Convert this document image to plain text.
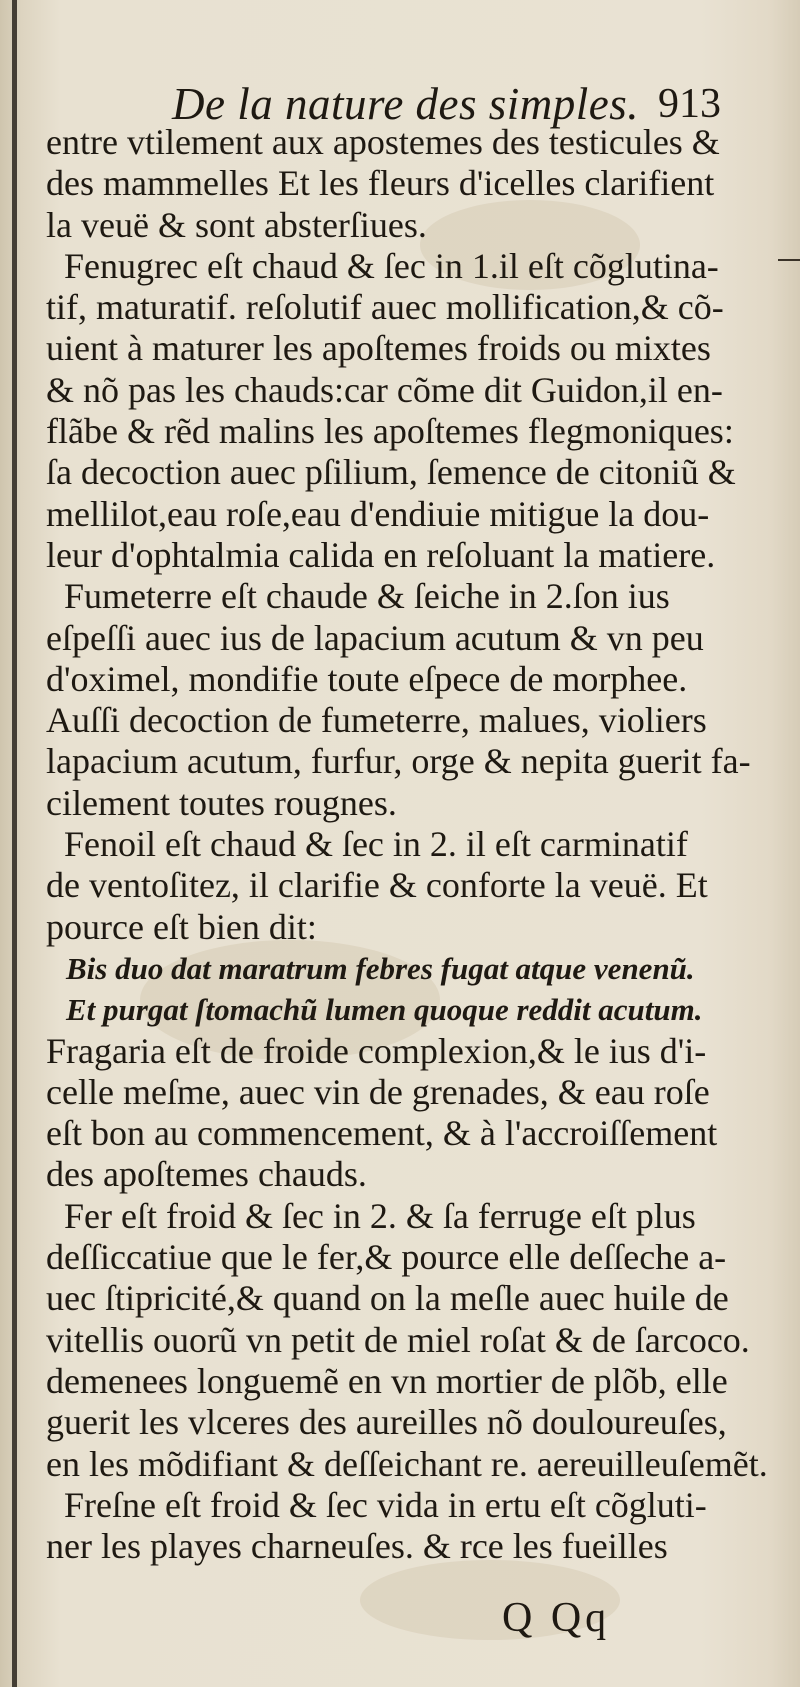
De la nature des simples. 913
entre vtilement aux apostemes des testicules &
des mammelles Et les fleurs d'icelles clarifient
la veuë & sont absterſiues.
Fenugrec eſt chaud & ſec in 1.il eſt cõglutina-
tif, maturatif. reſolutif auec mollification,& cõ-
uient à maturer les apoſtemes froids ou mixtes
& nõ pas les chauds:car cõme dit Guidon,il en-
flãbe & rẽd malins les apoſtemes flegmoniques:
ſa decoction auec pſilium, ſemence de citoniũ &
mellilot,eau roſe,eau d'endiuie mitigue la dou-
leur d'ophtalmia calida en reſoluant la matiere.
Fumeterre eſt chaude & ſeiche in 2.ſon ius
eſpeſſi auec ius de lapacium acutum & vn peu
d'oximel, mondifie toute eſpece de morphee.
Auſſi decoction de fumeterre, malues, violiers
lapacium acutum, furfur, orge & nepita guerit fa-
cilement toutes rougnes.
Fenoil eſt chaud & ſec in 2. il eſt carminatif
de ventoſitez, il clarifie & conforte la veuë. Et
pource eſt bien dit:
Bis duo dat maratrum febres fugat atque venenũ.
Et purgat ſtomachũ lumen quoque reddit acutum.
Fragaria eſt de froide complexion,& le ius d'i-
celle meſme, auec vin de grenades, & eau roſe
eſt bon au commencement, & à l'accroiſſement
des apoſtemes chauds.
Fer eſt froid & ſec in 2. & ſa ferruge eſt plus
deſſiccatiue que le fer,& pource elle deſſeche a-
uec ſtipricité,& quand on la meſle auec huile de
vitellis ouorũ vn petit de miel roſat & de ſarcoco.
demenees longuemẽ en vn mortier de plõb, elle
guerit les vlceres des aureilles nõ douloureuſes,
en les mõdifiant & deſſeichant re. aereuilleuſemẽt.
Freſne eſt froid & ſec vida in ertu eſt cõgluti-
ner les playes charneuſes. & rce les fueilles
Q Qq
